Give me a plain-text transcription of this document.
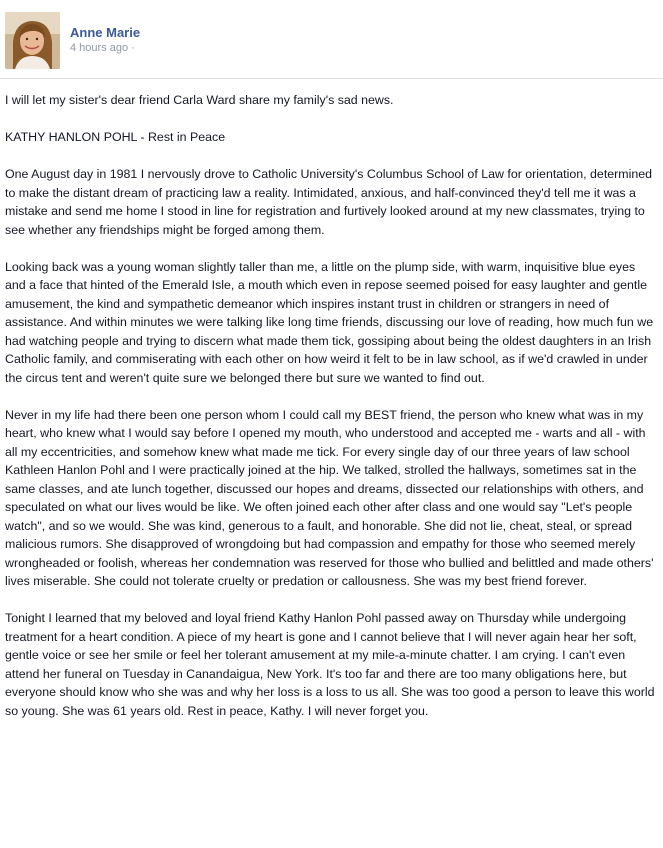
Anne Marie
4 hours ago ·

I will let my sister's dear friend Carla Ward share my family's sad news.

KATHY HANLON POHL - Rest in Peace

One August day in 1981 I nervously drove to Catholic University's Columbus School of Law for orientation, determined to make the distant dream of practicing law a reality. Intimidated, anxious, and half-convinced they'd tell me it was a mistake and send me home I stood in line for registration and furtively looked around at my new classmates, trying to see whether any friendships might be forged among them.

Looking back was a young woman slightly taller than me, a little on the plump side, with warm, inquisitive blue eyes and a face that hinted of the Emerald Isle, a mouth which even in repose seemed poised for easy laughter and gentle amusement, the kind and sympathetic demeanor which inspires instant trust in children or strangers in need of assistance. And within minutes we were talking like long time friends, discussing our love of reading, how much fun we had watching people and trying to discern what made them tick, gossiping about being the oldest daughters in an Irish Catholic family, and commiserating with each other on how weird it felt to be in law school, as if we'd crawled in under the circus tent and weren't quite sure we belonged there but sure we wanted to find out.

Never in my life had there been one person whom I could call my BEST friend, the person who knew what was in my heart, who knew what I would say before I opened my mouth, who understood and accepted me - warts and all - with all my eccentricities, and somehow knew what made me tick. For every single day of our three years of law school Kathleen Hanlon Pohl and I were practically joined at the hip. We talked, strolled the hallways, sometimes sat in the same classes, and ate lunch together, discussed our hopes and dreams, dissected our relationships with others, and speculated on what our lives would be like. We often joined each other after class and one would say "Let's people watch", and so we would. She was kind, generous to a fault, and honorable. She did not lie, cheat, steal, or spread malicious rumors. She disapproved of wrongdoing but had compassion and empathy for those who seemed merely wrongheaded or foolish, whereas her condemnation was reserved for those who bullied and belittled and made others' lives miserable. She could not tolerate cruelty or predation or callousness. She was my best friend forever.

Tonight I learned that my beloved and loyal friend Kathy Hanlon Pohl passed away on Thursday while undergoing treatment for a heart condition. A piece of my heart is gone and I cannot believe that I will never again hear her soft, gentle voice or see her smile or feel her tolerant amusement at my mile-a-minute chatter. I am crying. I can't even attend her funeral on Tuesday in Canandaigua, New York. It's too far and there are too many obligations here, but everyone should know who she was and why her loss is a loss to us all. She was too good a person to leave this world so young. She was 61 years old. Rest in peace, Kathy. I will never forget you.
